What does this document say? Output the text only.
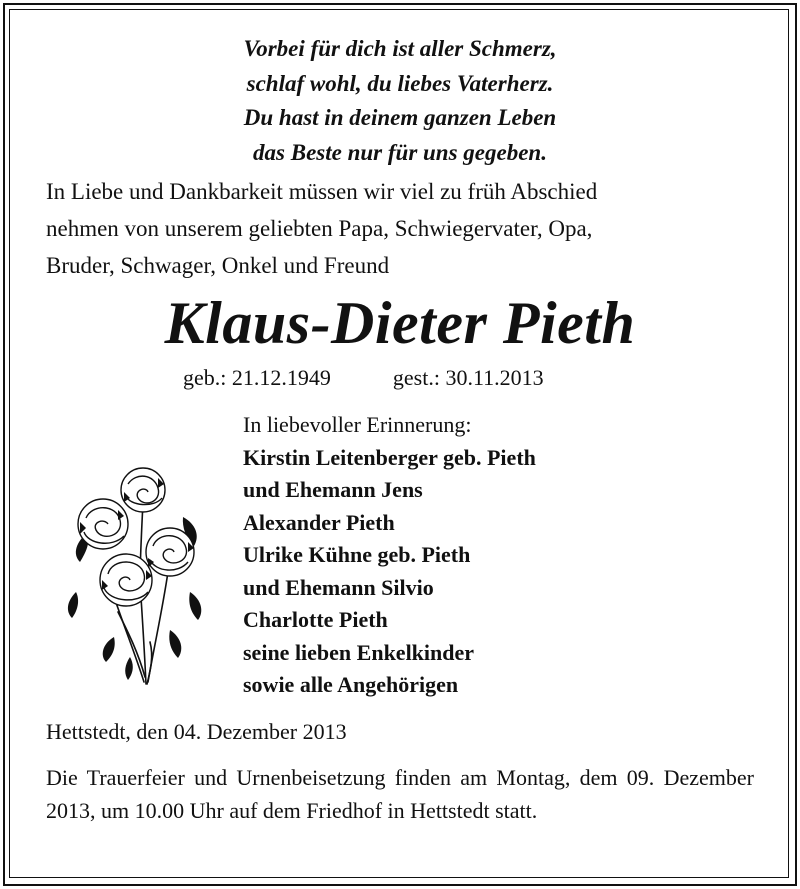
Vorbei für dich ist aller Schmerz,
schlaf wohl, du liebes Vaterherz.
Du hast in deinem ganzen Leben
das Beste nur für uns gegeben.
In Liebe und Dankbarkeit müssen wir viel zu früh Abschied
nehmen von unserem geliebten Papa, Schwiegervater, Opa,
Bruder, Schwager, Onkel und Freund
Klaus-Dieter Pieth
geb.: 21.12.1949	gest.: 30.11.2013
In liebevoller Erinnerung:
Kirstin Leitenberger geb. Pieth
und Ehemann Jens
Alexander Pieth
Ulrike Kühne geb. Pieth
und Ehemann Silvio
Charlotte Pieth
seine lieben Enkelkinder
sowie alle Angehörigen
Hettstedt, den 04. Dezember 2013
Die Trauerfeier und Urnenbeisetzung finden am Montag, dem 09. Dezember 2013, um 10.00 Uhr auf dem Friedhof in Hettstedt statt.
